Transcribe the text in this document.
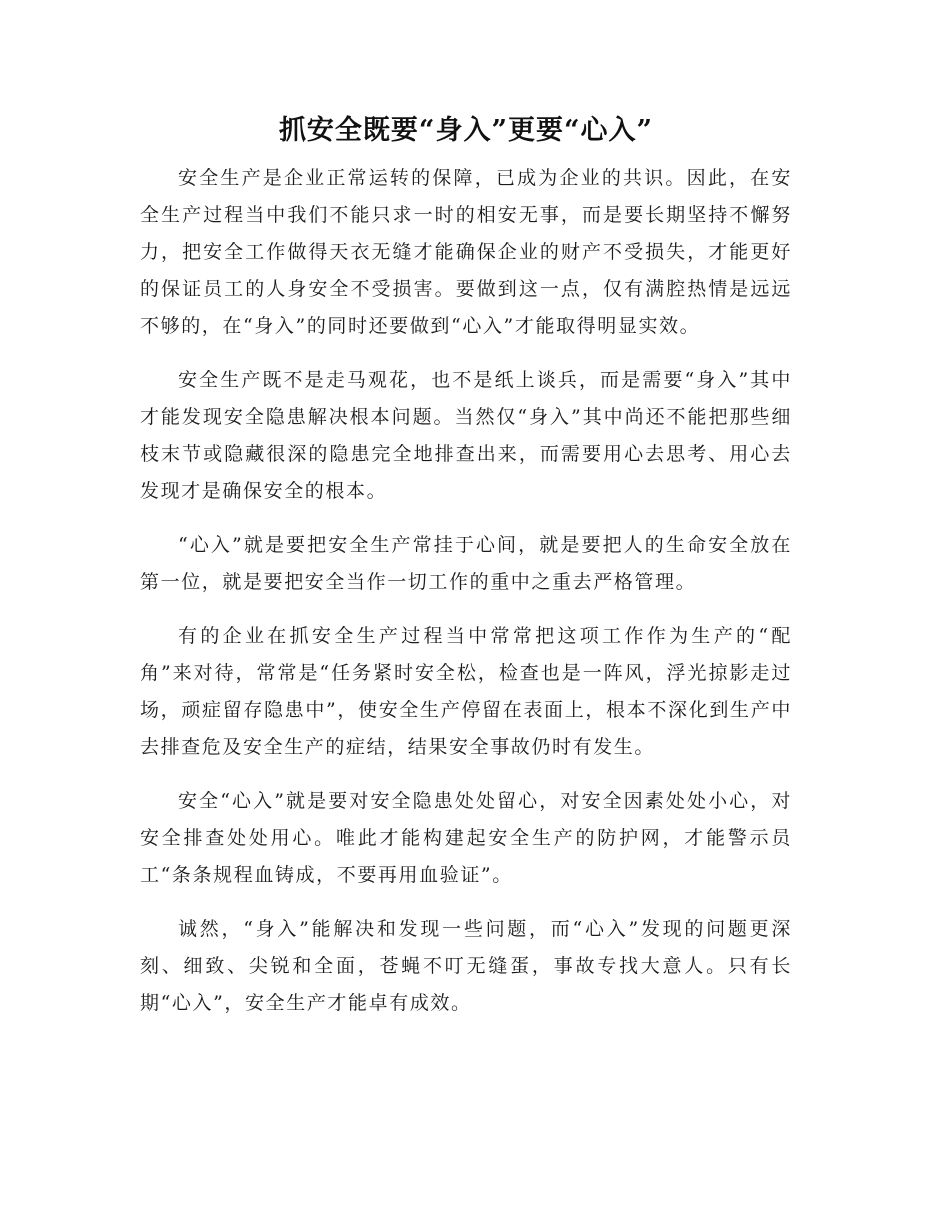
抓安全既要“身入”更要“心入”

安全生产是企业正常运转的保障，已成为企业的共识。因此，在安全生产过程当中我们不能只求一时的相安无事，而是要长期坚持不懈努力，把安全工作做得天衣无缝才能确保企业的财产不受损失，才能更好的保证员工的人身安全不受损害。要做到这一点，仅有满腔热情是远远不够的，在“身入”的同时还要做到“心入”才能取得明显实效。

安全生产既不是走马观花，也不是纸上谈兵，而是需要“身入”其中才能发现安全隐患解决根本问题。当然仅“身入”其中尚还不能把那些细枝末节或隐藏很深的隐患完全地排查出来，而需要用心去思考、用心去发现才是确保安全的根本。

“心入”就是要把安全生产常挂于心间，就是要把人的生命安全放在第一位，就是要把安全当作一切工作的重中之重去严格管理。

有的企业在抓安全生产过程当中常常把这项工作作为生产的“配角”来对待，常常是“任务紧时安全松，检查也是一阵风，浮光掠影走过场，顽症留存隐患中”，使安全生产停留在表面上，根本不深化到生产中去排查危及安全生产的症结，结果安全事故仍时有发生。

安全“心入”就是要对安全隐患处处留心，对安全因素处处小心，对安全排查处处用心。唯此才能构建起安全生产的防护网，才能警示员工“条条规程血铸成，不要再用血验证”。

诚然，“身入”能解决和发现一些问题，而“心入”发现的问题更深刻、细致、尖锐和全面，苍蝇不叮无缝蛋，事故专找大意人。只有长期“心入”，安全生产才能卓有成效。
